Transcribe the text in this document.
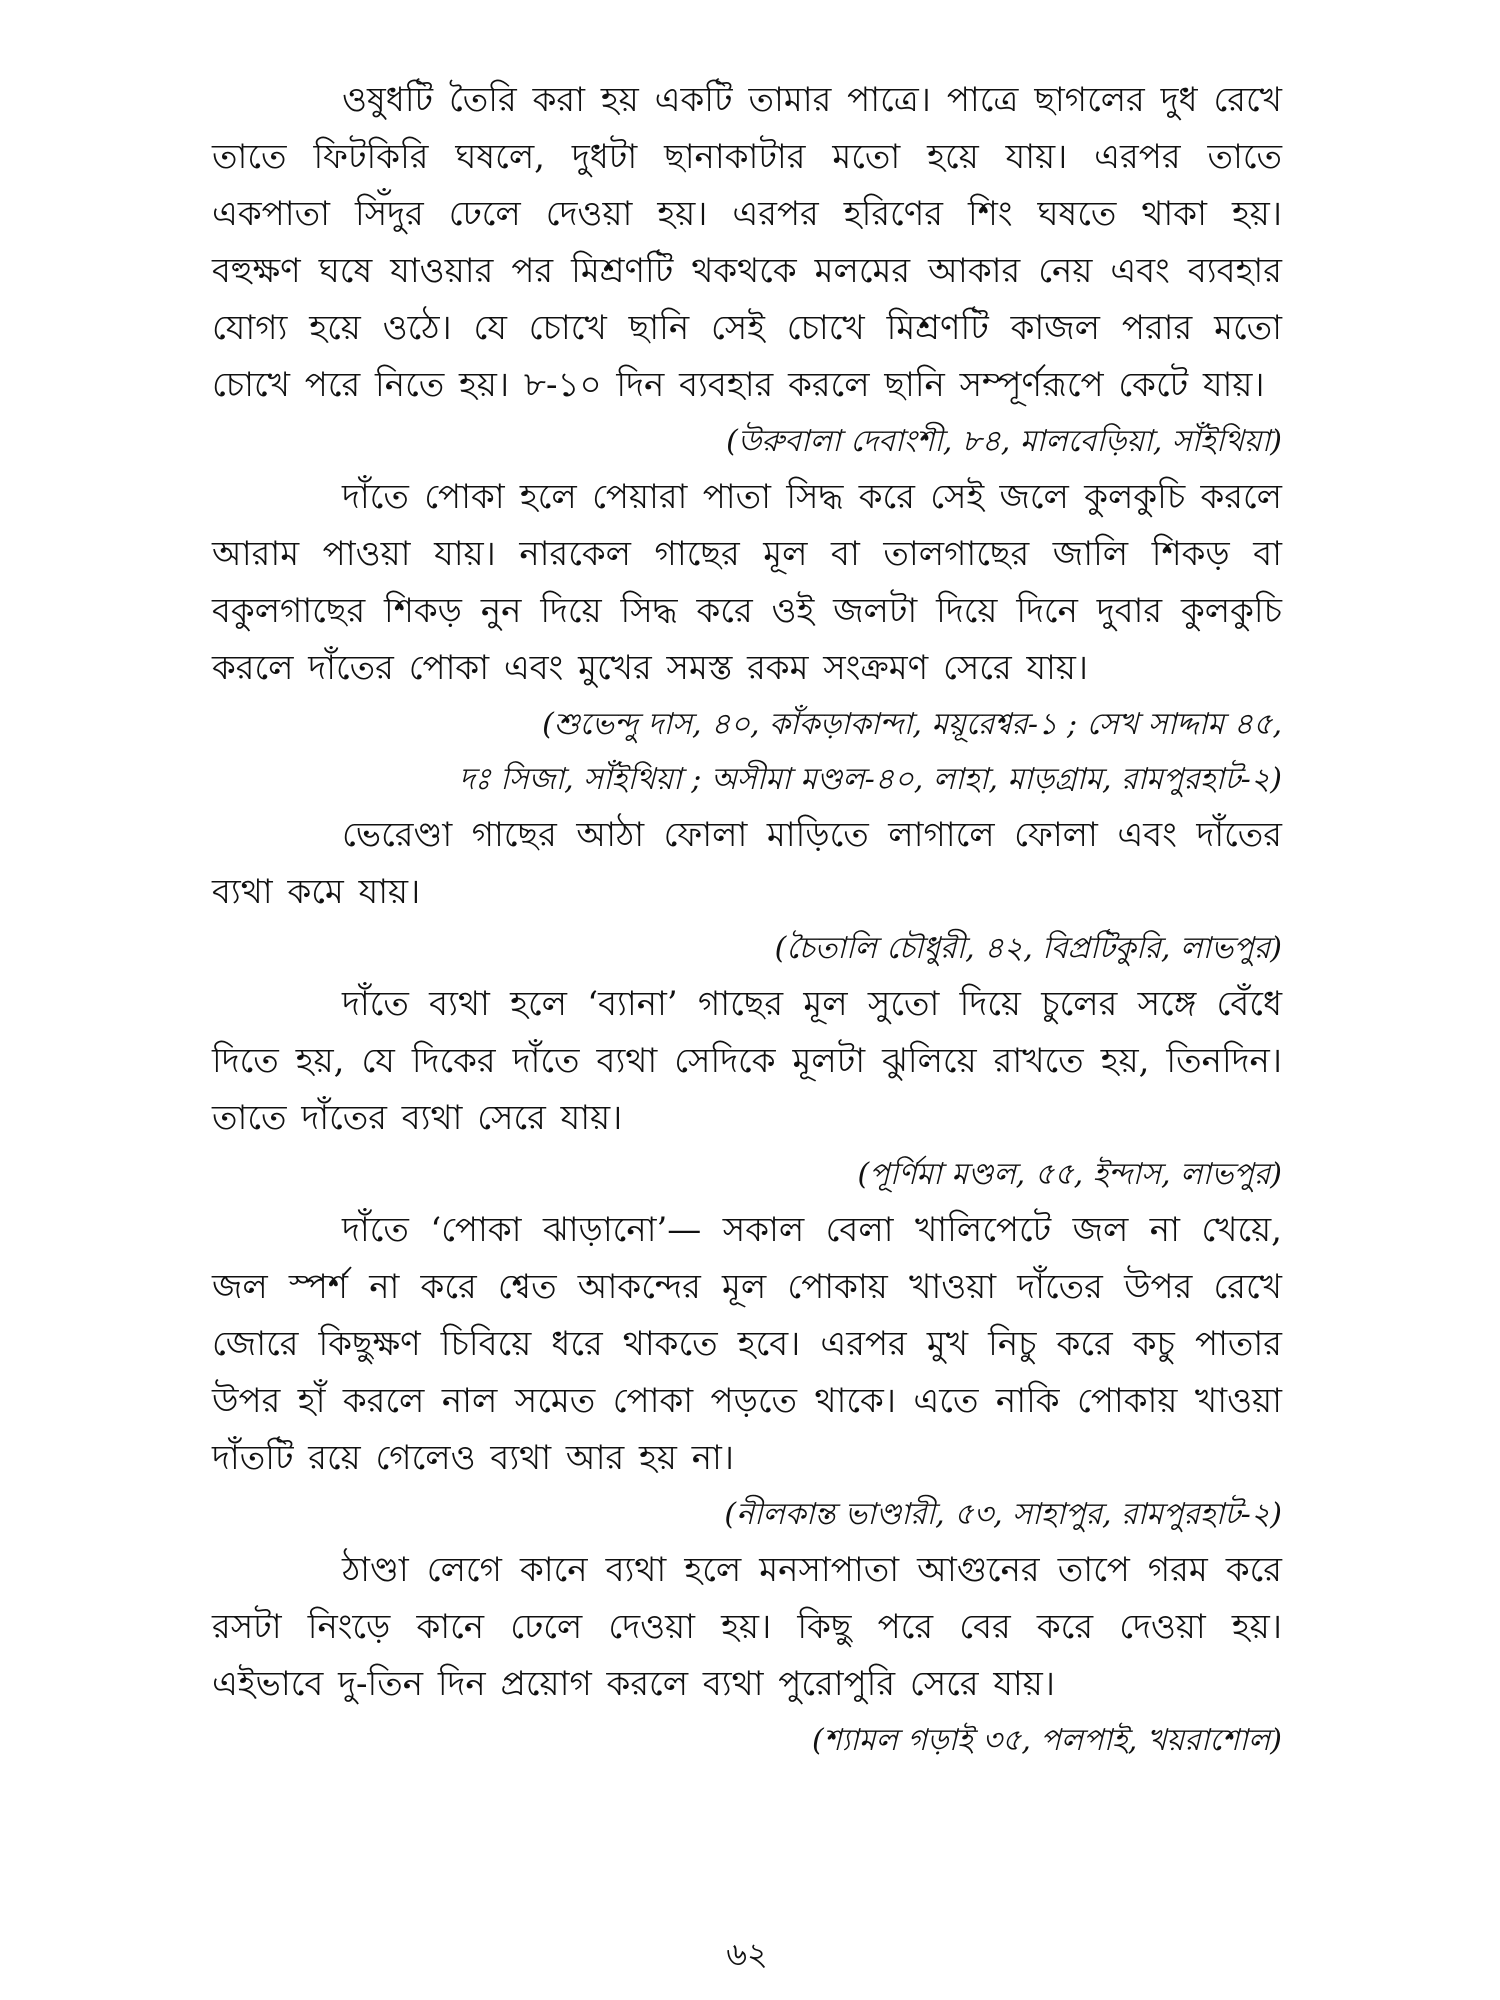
ওষুধটি তৈরি করা হয় একটি তামার পাত্রে। পাত্রে ছাগলের দুধ রেখে তাতে ফিটকিরি ঘষলে, দুধটা ছানাকাটার মতো হয়ে যায়। এরপর তাতে একপাতা সিঁদুর ঢেলে দেওয়া হয়। এরপর হরিণের শিং ঘষতে থাকা হয়। বহুক্ষণ ঘষে যাওয়ার পর মিশ্রণটি থকথকে মলমের আকার নেয় এবং ব্যবহার যোগ্য হয়ে ওঠে। যে চোখে ছানি সেই চোখে মিশ্রণটি কাজল পরার মতো চোখে পরে নিতে হয়। ৮-১০ দিন ব্যবহার করলে ছানি সম্পূর্ণরূপে কেটে যায়।

(উরুবালা দেবাংশী, ৮৪, মালবেড়িয়া, সাঁইথিয়া)

দাঁতে পোকা হলে পেয়ারা পাতা সিদ্ধ করে সেই জলে কুলকুচি করলে আরাম পাওয়া যায়। নারকেল গাছের মূল বা তালগাছের জালি শিকড় বা বকুলগাছের শিকড় নুন দিয়ে সিদ্ধ করে ওই জলটা দিয়ে দিনে দুবার কুলকুচি করলে দাঁতের পোকা এবং মুখের সমস্ত রকম সংক্রমণ সেরে যায়।

(শুভেন্দু দাস, ৪০, কাঁকড়াকান্দা, ময়ূরেশ্বর-১ ; সেখ সাদ্দাম ৪৫,
দঃ সিজা, সাঁইথিয়া ; অসীমা মণ্ডল-৪০, লাহা, মাড়গ্রাম, রামপুরহাট-২)

ভেরেণ্ডা গাছের আঠা ফোলা মাড়িতে লাগালে ফোলা এবং দাঁতের ব্যথা কমে যায়।

(চৈতালি চৌধুরী, ৪২, বিপ্রটিকুরি, লাভপুর)

দাঁতে ব্যথা হলে ‘ব্যানা’ গাছের মূল সুতো দিয়ে চুলের সঙ্গে বেঁধে দিতে হয়, যে দিকের দাঁতে ব্যথা সেদিকে মূলটা ঝুলিয়ে রাখতে হয়, তিনদিন। তাতে দাঁতের ব্যথা সেরে যায়।

(পূর্ণিমা মণ্ডল, ৫৫, ইন্দাস, লাভপুর)

দাঁতে ‘পোকা ঝাড়ানো’— সকাল বেলা খালিপেটে জল না খেয়ে, জল স্পর্শ না করে শ্বেত আকন্দের মূল পোকায় খাওয়া দাঁতের উপর রেখে জোরে কিছুক্ষণ চিবিয়ে ধরে থাকতে হবে। এরপর মুখ নিচু করে কচু পাতার উপর হাঁ করলে নাল সমেত পোকা পড়তে থাকে। এতে নাকি পোকায় খাওয়া দাঁতটি রয়ে গেলেও ব্যথা আর হয় না।

(নীলকান্ত ভাণ্ডারী, ৫৩, সাহাপুর, রামপুরহাট-২)

ঠাণ্ডা লেগে কানে ব্যথা হলে মনসাপাতা আগুনের তাপে গরম করে রসটা নিংড়ে কানে ঢেলে দেওয়া হয়। কিছু পরে বের করে দেওয়া হয়। এইভাবে দু-তিন দিন প্রয়োগ করলে ব্যথা পুরোপুরি সেরে যায়।

(শ্যামল গড়াই ৩৫, পলপাই, খয়রাশোল)

৬২
